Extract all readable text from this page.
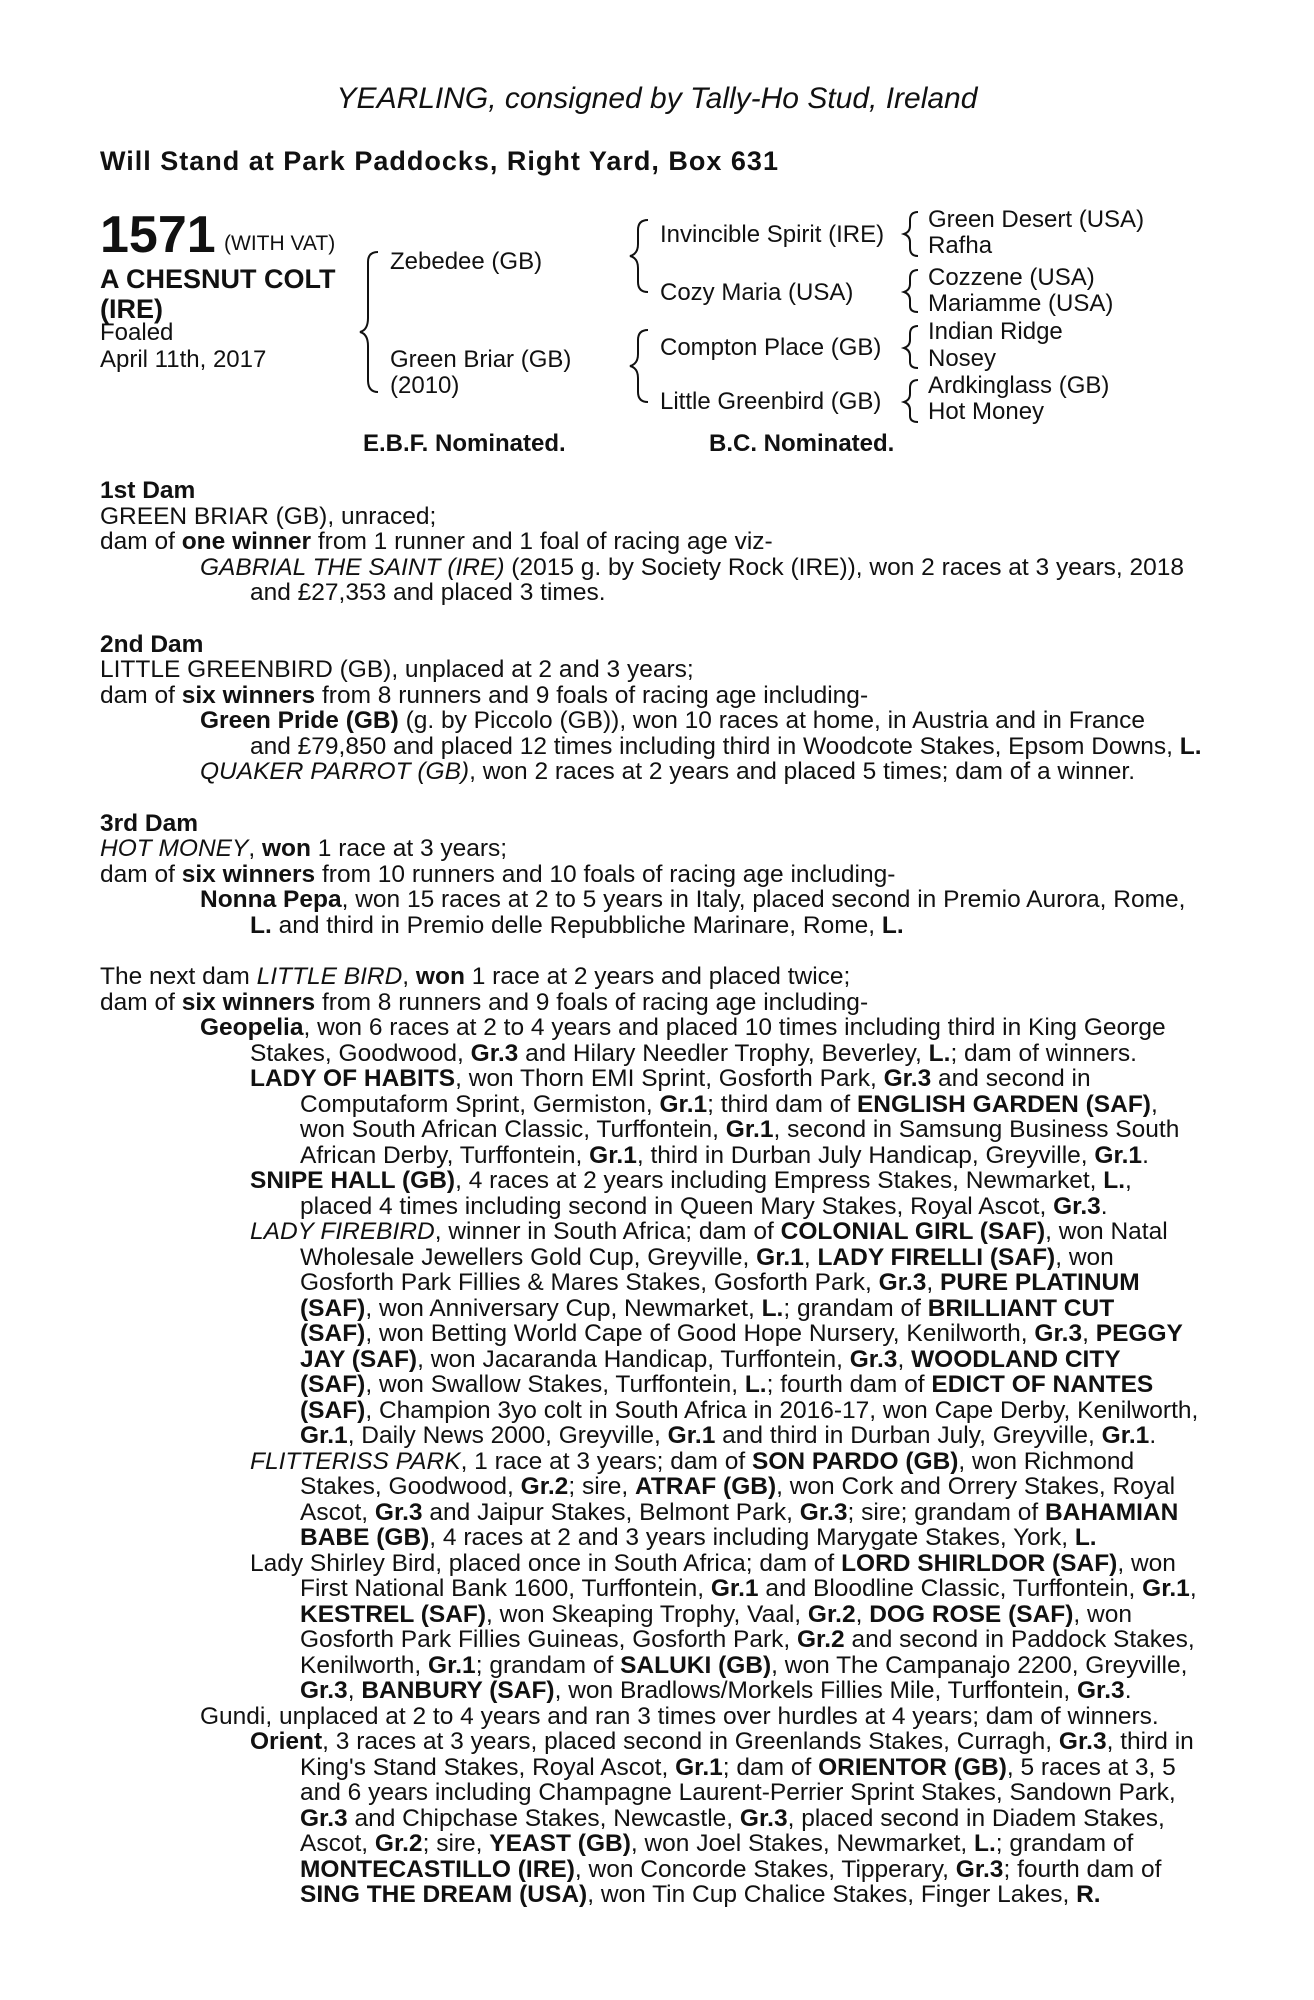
YEARLING, consigned by Tally-Ho Stud, Ireland
Will Stand at Park Paddocks, Right Yard, Box 631
1571 (WITH VAT)
A CHESNUT COLT
(IRE)
Foaled
April 11th, 2017
Zebedee (GB)
Green Briar (GB)
(2010)
Invincible Spirit (IRE)
Cozy Maria (USA)
Compton Place (GB)
Little Greenbird (GB)
Green Desert (USA)
Rafha
Cozzene (USA)
Mariamme (USA)
Indian Ridge
Nosey
Ardkinglass (GB)
Hot Money
E.B.F. Nominated.	B.C. Nominated.
1st Dam
GREEN BRIAR (GB), unraced;
dam of one winner from 1 runner and 1 foal of racing age viz-
GABRIAL THE SAINT (IRE) (2015 g. by Society Rock (IRE)), won 2 races at 3 years, 2018
and £27,353 and placed 3 times.
2nd Dam
LITTLE GREENBIRD (GB), unplaced at 2 and 3 years;
dam of six winners from 8 runners and 9 foals of racing age including-
Green Pride (GB) (g. by Piccolo (GB)), won 10 races at home, in Austria and in France
and £79,850 and placed 12 times including third in Woodcote Stakes, Epsom Downs, L.
QUAKER PARROT (GB), won 2 races at 2 years and placed 5 times; dam of a winner.
3rd Dam
HOT MONEY, won 1 race at 3 years;
dam of six winners from 10 runners and 10 foals of racing age including-
Nonna Pepa, won 15 races at 2 to 5 years in Italy, placed second in Premio Aurora, Rome,
L. and third in Premio delle Repubbliche Marinare, Rome, L.
The next dam LITTLE BIRD, won 1 race at 2 years and placed twice;
dam of six winners from 8 runners and 9 foals of racing age including-
Geopelia, won 6 races at 2 to 4 years and placed 10 times including third in King George
Stakes, Goodwood, Gr.3 and Hilary Needler Trophy, Beverley, L.; dam of winners.
LADY OF HABITS, won Thorn EMI Sprint, Gosforth Park, Gr.3 and second in
Computaform Sprint, Germiston, Gr.1; third dam of ENGLISH GARDEN (SAF),
won South African Classic, Turffontein, Gr.1, second in Samsung Business South
African Derby, Turffontein, Gr.1, third in Durban July Handicap, Greyville, Gr.1.
SNIPE HALL (GB), 4 races at 2 years including Empress Stakes, Newmarket, L.,
placed 4 times including second in Queen Mary Stakes, Royal Ascot, Gr.3.
LADY FIREBIRD, winner in South Africa; dam of COLONIAL GIRL (SAF), won Natal
Wholesale Jewellers Gold Cup, Greyville, Gr.1, LADY FIRELLI (SAF), won
Gosforth Park Fillies & Mares Stakes, Gosforth Park, Gr.3, PURE PLATINUM
(SAF), won Anniversary Cup, Newmarket, L.; grandam of BRILLIANT CUT
(SAF), won Betting World Cape of Good Hope Nursery, Kenilworth, Gr.3, PEGGY
JAY (SAF), won Jacaranda Handicap, Turffontein, Gr.3, WOODLAND CITY
(SAF), won Swallow Stakes, Turffontein, L.; fourth dam of EDICT OF NANTES
(SAF), Champion 3yo colt in South Africa in 2016-17, won Cape Derby, Kenilworth,
Gr.1, Daily News 2000, Greyville, Gr.1 and third in Durban July, Greyville, Gr.1.
FLITTERISS PARK, 1 race at 3 years; dam of SON PARDO (GB), won Richmond
Stakes, Goodwood, Gr.2; sire, ATRAF (GB), won Cork and Orrery Stakes, Royal
Ascot, Gr.3 and Jaipur Stakes, Belmont Park, Gr.3; sire; grandam of BAHAMIAN
BABE (GB), 4 races at 2 and 3 years including Marygate Stakes, York, L.
Lady Shirley Bird, placed once in South Africa; dam of LORD SHIRLDOR (SAF), won
First National Bank 1600, Turffontein, Gr.1 and Bloodline Classic, Turffontein, Gr.1,
KESTREL (SAF), won Skeaping Trophy, Vaal, Gr.2, DOG ROSE (SAF), won
Gosforth Park Fillies Guineas, Gosforth Park, Gr.2 and second in Paddock Stakes,
Kenilworth, Gr.1; grandam of SALUKI (GB), won The Campanajo 2200, Greyville,
Gr.3, BANBURY (SAF), won Bradlows/Morkels Fillies Mile, Turffontein, Gr.3.
Gundi, unplaced at 2 to 4 years and ran 3 times over hurdles at 4 years; dam of winners.
Orient, 3 races at 3 years, placed second in Greenlands Stakes, Curragh, Gr.3, third in
King's Stand Stakes, Royal Ascot, Gr.1; dam of ORIENTOR (GB), 5 races at 3, 5
and 6 years including Champagne Laurent-Perrier Sprint Stakes, Sandown Park,
Gr.3 and Chipchase Stakes, Newcastle, Gr.3, placed second in Diadem Stakes,
Ascot, Gr.2; sire, YEAST (GB), won Joel Stakes, Newmarket, L.; grandam of
MONTECASTILLO (IRE), won Concorde Stakes, Tipperary, Gr.3; fourth dam of
SING THE DREAM (USA), won Tin Cup Chalice Stakes, Finger Lakes, R.
